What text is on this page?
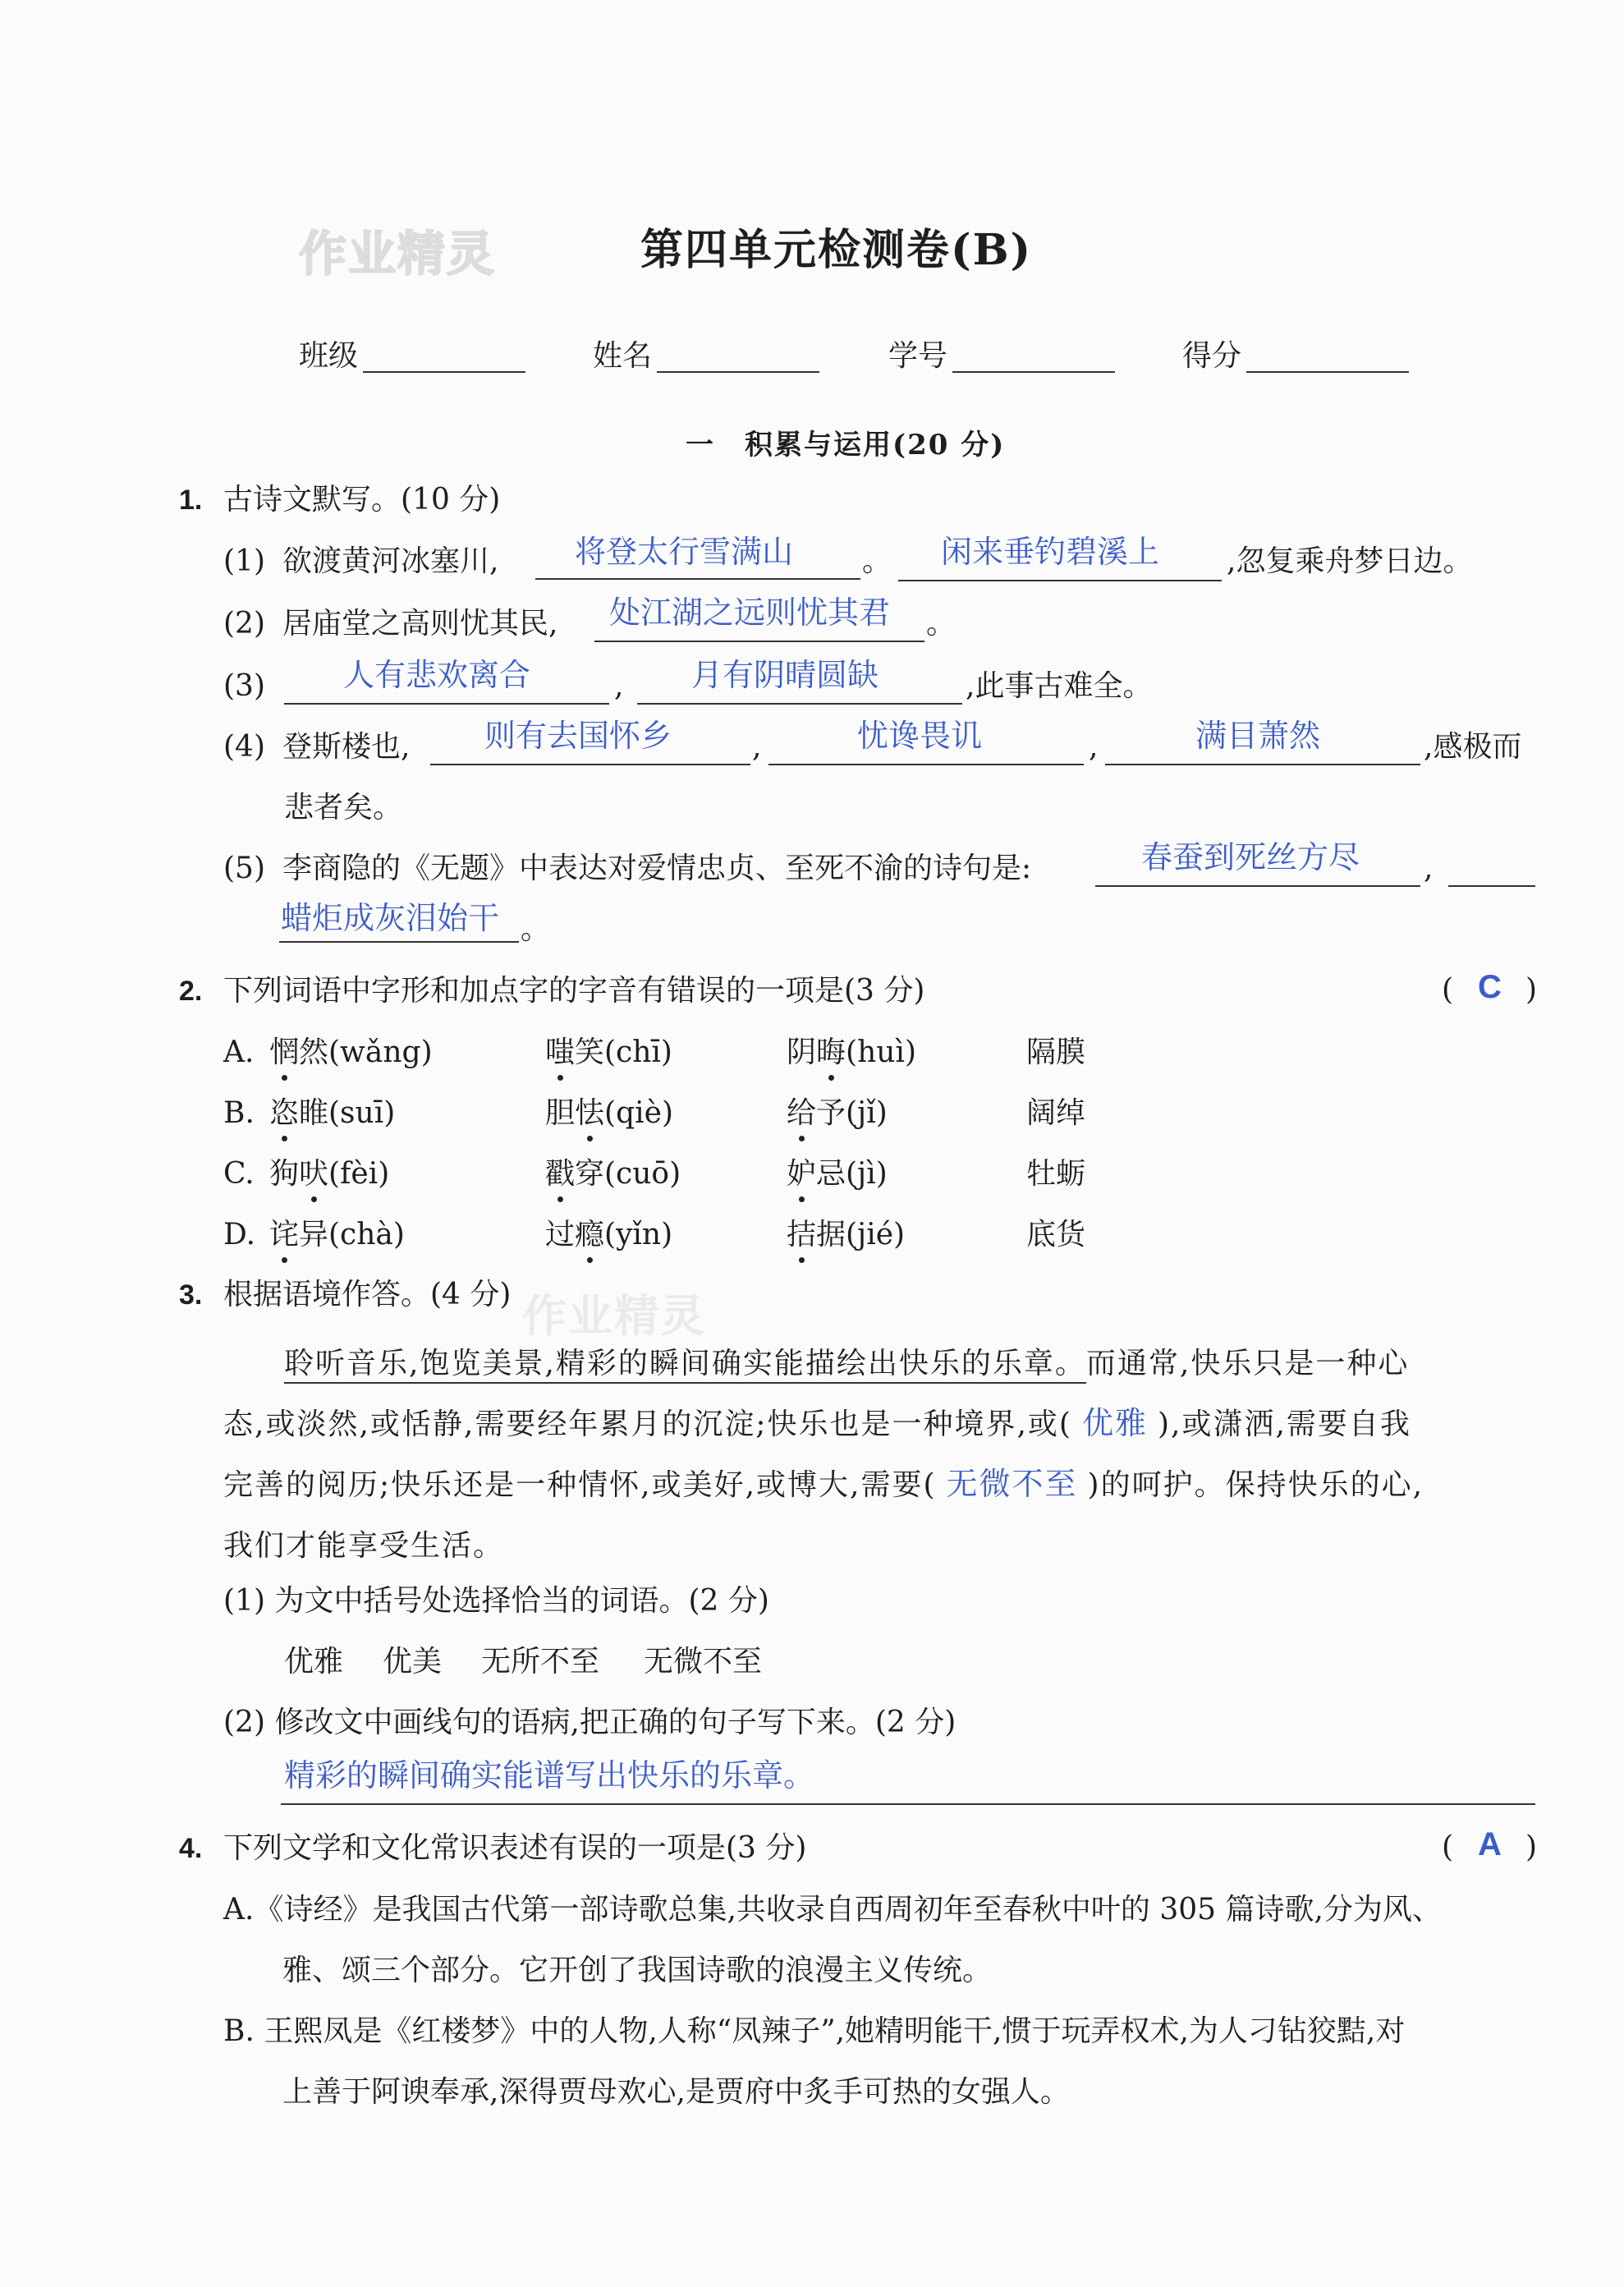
作业精灵
作业精灵
第四单元检测卷(B)
班级	姓名	学号	得分
一　积累与运用(20 分)
1. 古诗文默写。(10 分)
(1) 欲渡黄河冰塞川, 将登太行雪满山 。 闲来垂钓碧溪上 ,忽复乘舟梦日边。
(2) 居庙堂之高则忧其民, 处江湖之远则忧其君 。
(3)	人有悲欢离合	, 月有阴晴圆缺	,此事古难全。
(4) 登斯楼也, 则有去国怀乡	,	忧谗畏讥	,	满目萧然	,感极而
悲者矣。
(5) 李商隐的《无题》中表达对爱情忠贞、至死不渝的诗句是:	春蚕到死丝方尽 ,
蜡炬成灰泪始干 。
2. 下列词语中字形和加点字的字音有错误的一项是(3 分)	( C )
A. 惘然(wǎng)	嗤笑(chī)	阴晦(huì)	隔膜
B. 恣睢(suī)	胆怯(qiè)	给予(jǐ)	阔绰
C. 狗吠(fèi)	戳穿(cuō)	妒忌(jì)	牡蛎
D. 诧异(chà)	过瘾(yǐn)	拮据(jié)	底货
3. 根据语境作答。(4 分)
聆听音乐,饱览美景,精彩的瞬间确实能描绘出快乐的乐章。而通常,快乐只是一种心
态,或淡然,或恬静,需要经年累月的沉淀;快乐也是一种境界,或( 优雅 ),或潇洒,需要自我
完善的阅历;快乐还是一种情怀,或美好,或博大,需要( 无微不至 )的呵护。保持快乐的心,
我们才能享受生活。
(1) 为文中括号处选择恰当的词语。(2 分)
优雅 优美 无所不至 无微不至
(2) 修改文中画线句的语病,把正确的句子写下来。(2 分)
精彩的瞬间确实能谱写出快乐的乐章。
4. 下列文学和文化常识表述有误的一项是(3 分)	( A )
A.《诗经》是我国古代第一部诗歌总集,共收录自西周初年至春秋中叶的 305 篇诗歌,分为风、
雅、颂三个部分。它开创了我国诗歌的浪漫主义传统。
B. 王熙凤是《红楼梦》中的人物,人称“凤辣子”,她精明能干,惯于玩弄权术,为人刁钻狡黠,对
上善于阿谀奉承,深得贾母欢心,是贾府中炙手可热的女强人。
